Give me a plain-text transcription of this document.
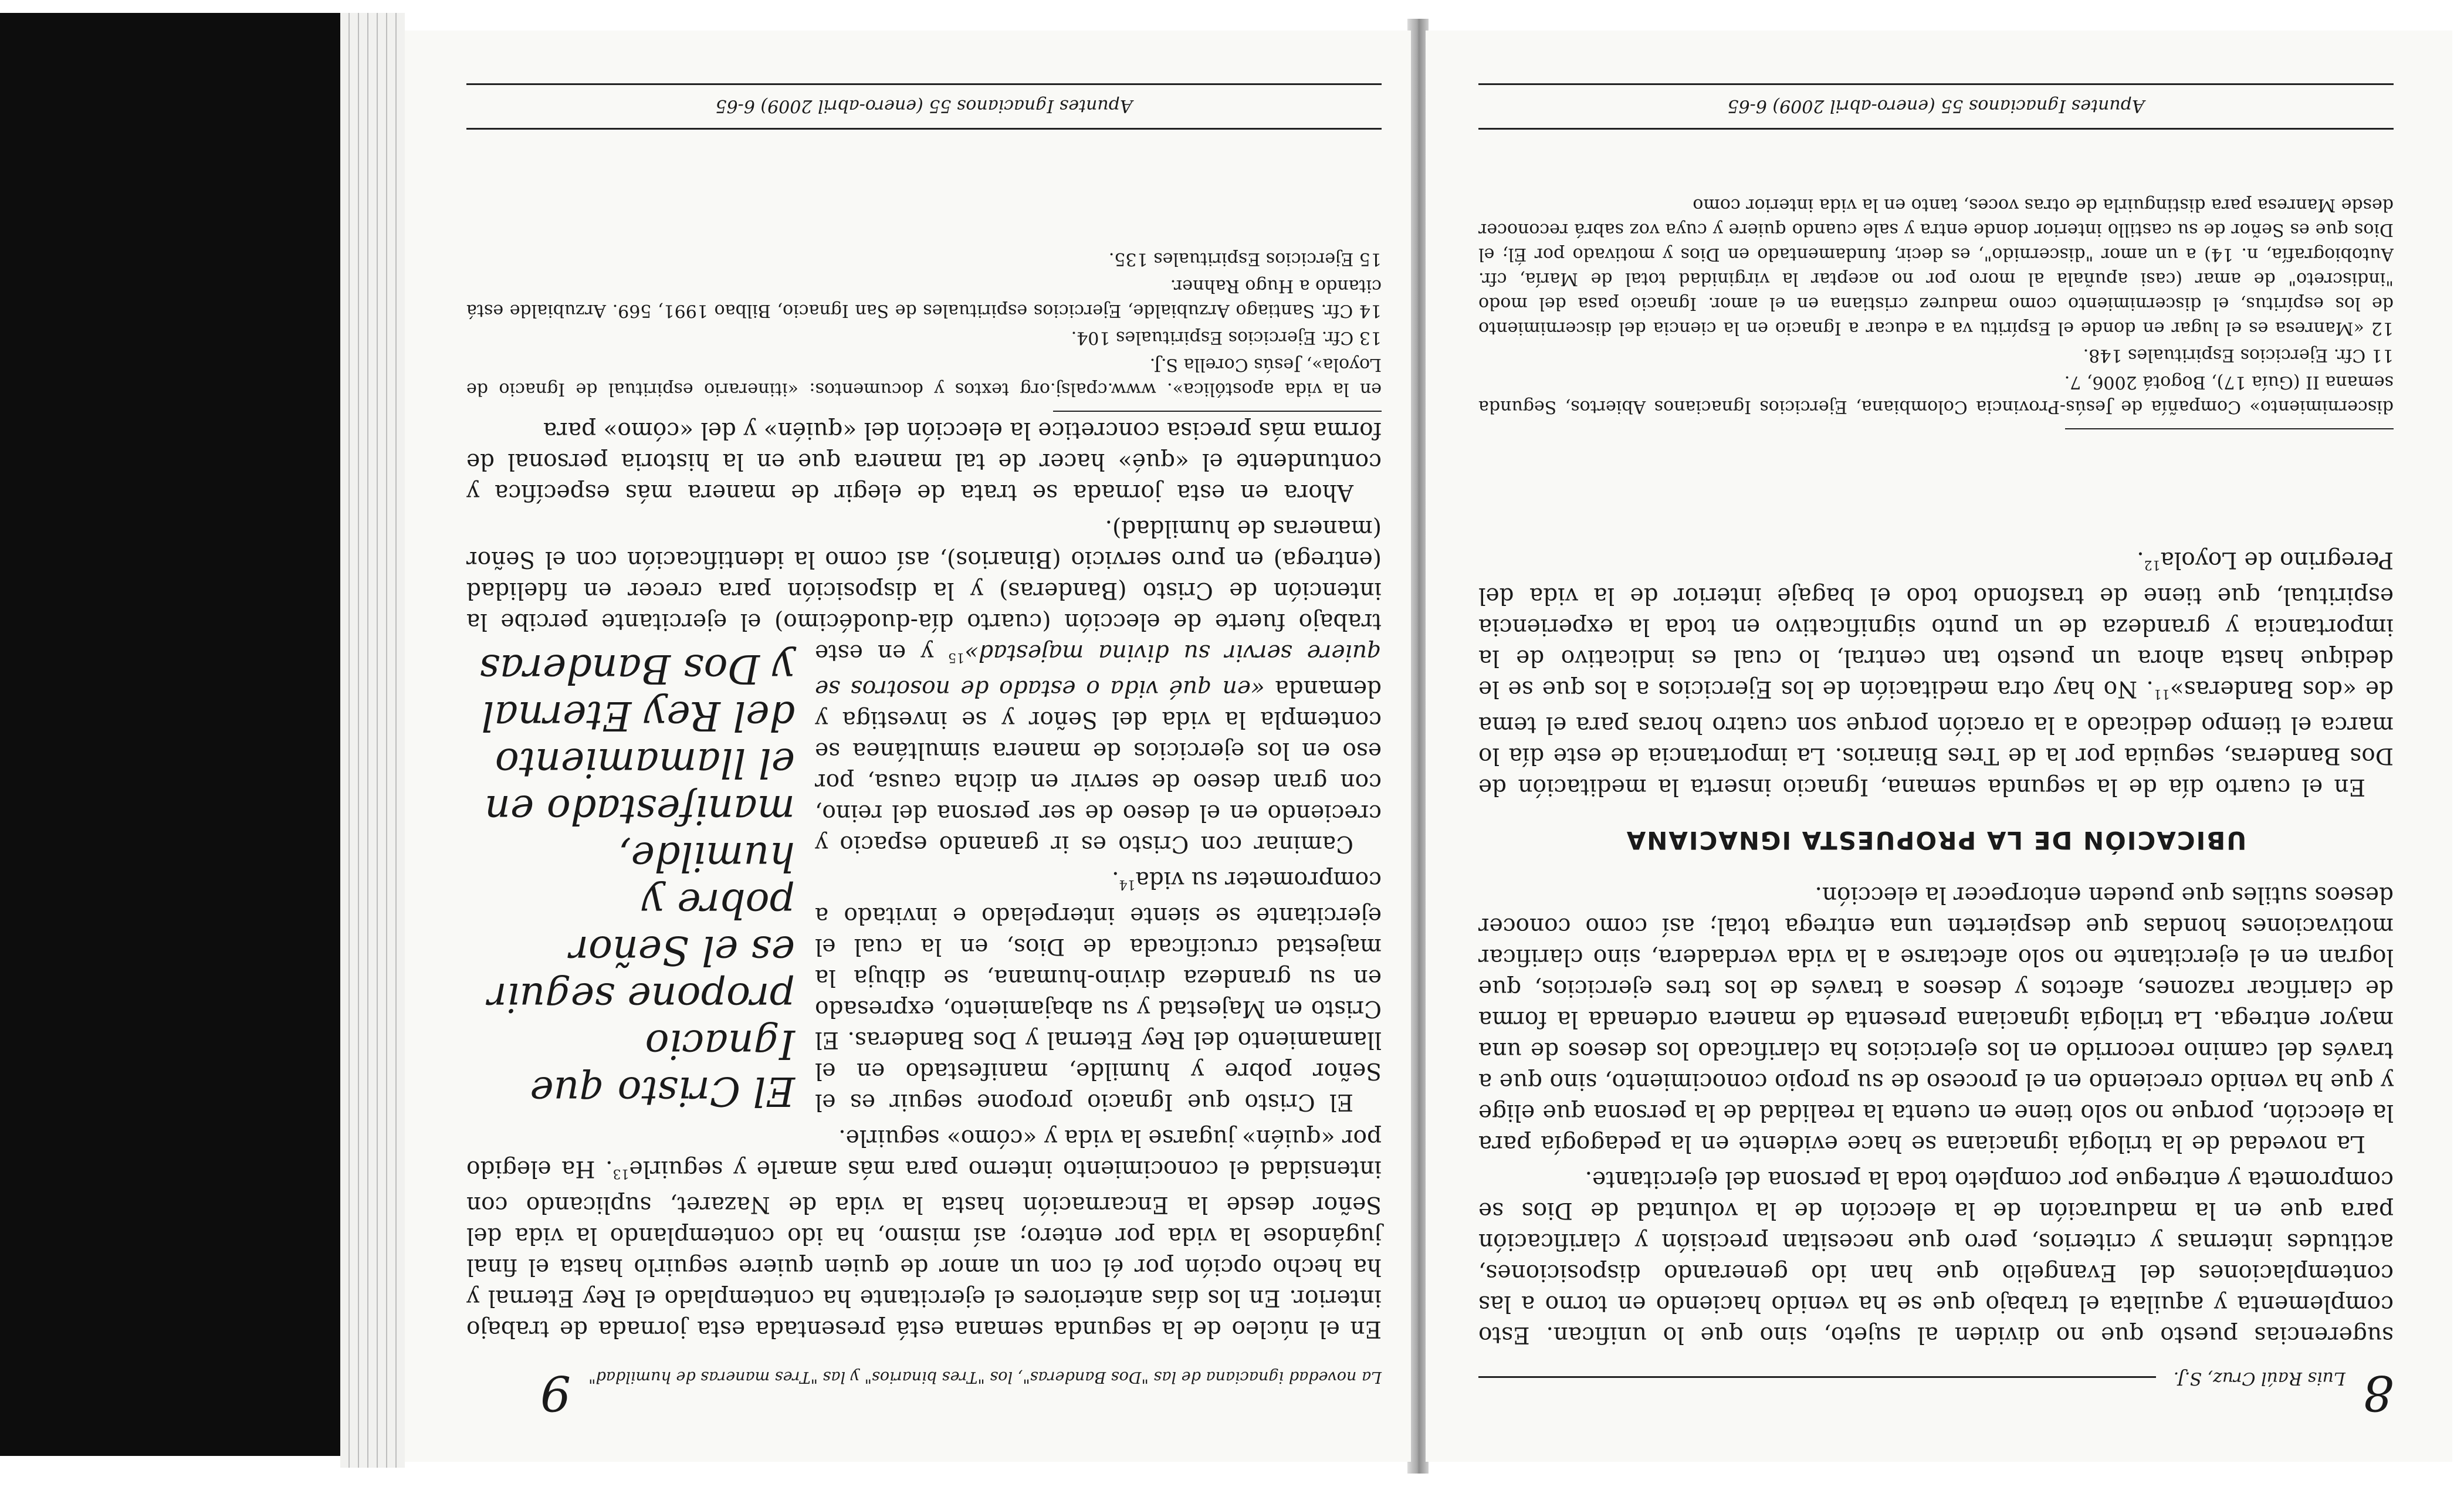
8
Luis Raúl Cruz, S.J.

sugerencias puesto que no dividen al sujeto, sino que lo unifican. Esto complementa y aquilata el trabajo que se ha venido haciendo en torno a las contemplaciones del Evangelio que han ido generando disposiciones, actitudes internas y criterios, pero que necesitan precisión y clarificación para que en la maduración de la elección de la voluntad de Dios se comprometa y entregue por completo toda la persona del ejercitante.

La novedad de la trilogía ignaciana se hace evidente en la pedagogía para la elección, porque no solo tiene en cuenta la realidad de la persona que elige y que ha venido creciendo en el proceso de su propio conocimiento, sino que a través del camino recorrido en los ejercicios ha clarificado los deseos de una mayor entrega. La trilogía ignaciana presenta de manera ordenada la forma de clarificar razones, afectos y deseos a través de los tres ejercicios, que logran en el ejercitante no solo afectarse a la vida verdadera, sino clarificar motivaciones hondas que despierten una entrega total; así como conocer deseos sutiles que pueden entorpecer la elección.

UBICACIÓN DE LA PROPUESTA IGNACIANA

En el cuarto día de la segunda semana, Ignacio inserta la meditación de Dos Banderas, seguida por la de Tres Binarios. La importancia de este día lo marca el tiempo dedicado a la oración porque son cuatro horas para el tema de «dos Banderas»$^{11}$. No hay otra meditación de los Ejercicios a los que se le dedique hasta ahora un puesto tan central, lo cual es indicativo de la importancia y grandeza de un punto significativo en toda la experiencia espiritual, que tiene de trasfondo todo el bagaje interior de la vida del Peregrino de Loyola$^{12}$.

discernimiento» Compañía de Jesús-Provincia Colombiana, Ejercicios Ignacianos Abiertos, Segunda semana II (Guía 17), Bogotá 2006, 7.

11 Cfr. Ejercicios Espirituales 148.

12 «Manresa es el lugar en donde el Espíritu va a educar a Ignacio en la ciencia del discernimiento de los espíritus, el discernimiento como madurez cristiana en el amor. Ignacio pasa del modo "indiscreto" de amar (casi apuñala al moro por no aceptar la virginidad total de María, cfr. Autobiografía, n. 14) a un amor "discernido", es decir, fundamentado en Dios y motivado por Él; el Dios que es Señor de su castillo interior donde entra y sale cuando quiere y cuya voz sabrá reconocer desde Manresa para distinguirla de otras voces, tanto en la vida interior como

Apuntes Ignacianos 55 (enero-abril 2009) 6-65
La novedad ignaciana de las "Dos Banderas", los "Tres binarios" y las "Tres maneras de humildad"
9

En el núcleo de la segunda semana está presentada esta jornada de trabajo interior. En los días anteriores el ejercitante ha contemplado el Rey Eternal y ha hecho opción por él con un amor de quien quiere seguirlo hasta el final jugándose la vida por entero; así mismo, ha ido contemplando la vida del Señor desde la Encarnación hasta la vida de Nazaret, suplicando con intensidad el conocimiento interno para más amarle y seguirle$^{13}$. Ha elegido por «quién» jugarse la vida y «cómo» seguirle.

El Cristo que Ignacio propone seguir es el Señor pobre y humilde, manifestado en el llamamiento del Rey Eternal y Dos Banderas

El Cristo que Ignacio propone seguir es el Señor pobre y humilde, manifestado en el llamamiento del Rey Eternal y Dos Banderas. El Cristo en Majestad y su abajamiento, expresado en su grandeza divino-humana, se dibuja la majestad crucificada de Dios, en la cual el ejercitante se siente interpelado e invitado a comprometer su vida$^{14}$.

Caminar con Cristo es ir ganando espacio y creciendo en el deseo de ser persona del reino, con gran deseo de servir en dicha causa, por eso en los ejercicios de manera simultánea se contempla la vida del Señor y se investiga y demanda «en qué vida o estado de nosotros se quiere servir su divina majestad»$^{15}$ y en este trabajo fuerte de elección (cuarto día-duodécimo) el ejercitante percibe la intención de Cristo (Banderas) y la disposición para crecer en fidelidad (entrega) en puro servicio (Binarios), así como la identificación con el Señor (maneras de humildad).

Ahora en esta jornada se trata de elegir de manera más específica y contundente el «qué» hacer de tal manera que en la historia personal de forma más precisa concretice la elección del «quién» y del «cómo» para

en la vida apostólica». www.cpalsj.org textos y documentos: «itinerario espiritual de Ignacio de Loyola», Jesús Corella S.J.

13 Cfr. Ejercicios Espirituales 104.

14 Cfr. Santiago Arzubialde, Ejercicios espirituales de San Ignacio, Bilbao 1991, 569. Arzubialde está citando a Hugo Rahner.

15 Ejercicios Espirituales 135.

Apuntes Ignacianos 55 (enero-abril 2009) 6-65
